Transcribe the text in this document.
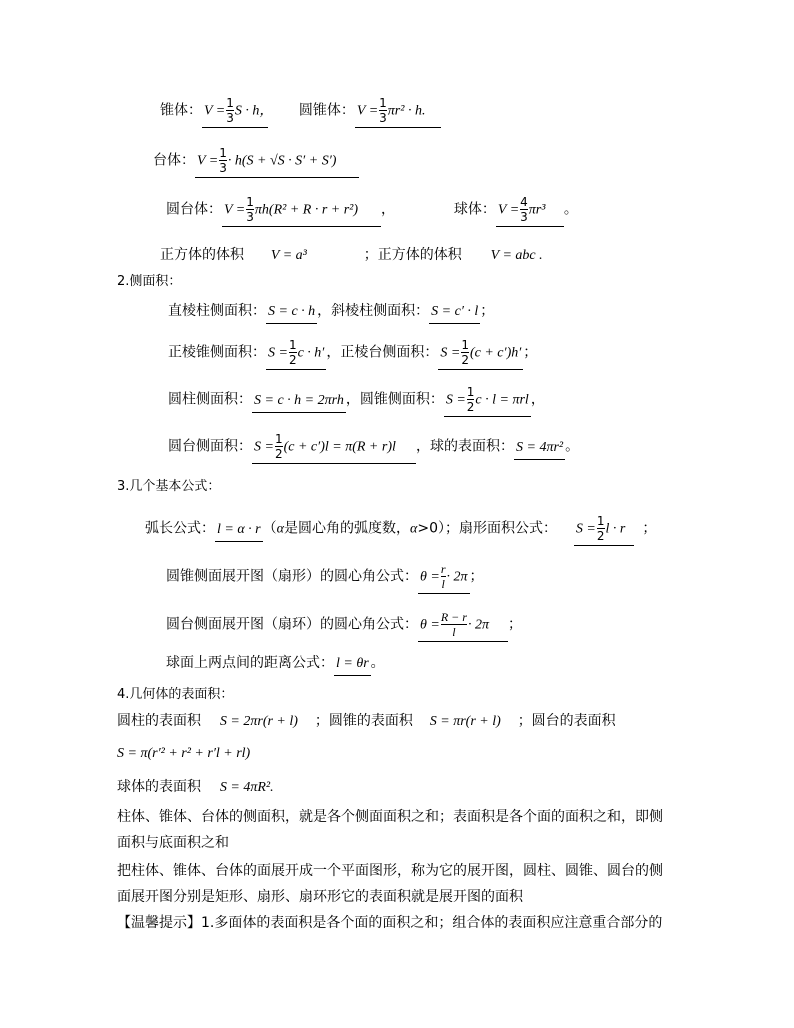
锥体： $V = \frac{1}{3}$ S · h， 圆锥体： $V = \frac{1}{3} \pi r^2 \cdot h$.
台体： $V = \frac{1}{3} \cdot h(S + √S \cdot S' + S')$
圆台体： $V = \frac{1}{3} \pi h(R^2 + R \cdot r + r^2)$ ，	球体： $V = \frac{4}{3} \pi r^3$ 。
正方体的体积 V = a³	；正方体的体积 V = abc .
2.侧面积：
直棱柱侧面积： S = c · h ，斜棱柱侧面积： S = c′ · l ；
正棱锥侧面积： $S = \frac{1}{2}$ c · h′ ，正棱台侧面积： $S = \frac{1}{2} (c + c')h'$ ；
圆柱侧面积： S = c · h = 2πrh ，圆锥侧面积： $S = \frac{1}{2}$ c · l = πrl ，
圆台侧面积： $S = \frac{1}{2} (c + c')l = \pi(R + r)l$ ，球的表面积： S = 4πr² 。
3.几个基本公式：
弧长公式： l = α · r （α是圆心角的弧度数，α>0）；扇形面积公式： $S = \frac{1}{2}$ l · r ；
圆锥侧面展开图（扇形）的圆心角公式： $\theta = \frac{r}{l} \cdot 2\pi$ ；
圆台侧面展开图（扇环）的圆心角公式： $\theta = \frac{R - r}{l} \cdot 2\pi$ ；
球面上两点间的距离公式： l = θr 。
4.几何体的表面积：
圆柱的表面积 S = 2πr(r + l) ；圆锥的表面积 S = πr(r + l) ；圆台的表面积
S = π(r′² + r² + r′l + rl)
球体的表面积 S = 4πR².
柱体、锥体、台体的侧面积，就是各个侧面面积之和；表面积是各个面的面积之和，即侧
面积与底面积之和
把柱体、锥体、台体的面展开成一个平面图形，称为它的展开图，圆柱、圆锥、圆台的侧
面展开图分别是矩形、扇形、扇环形它的表面积就是展开图的面积
【温馨提示】1.多面体的表面积是各个面的面积之和；组合体的表面积应注意重合部分的
